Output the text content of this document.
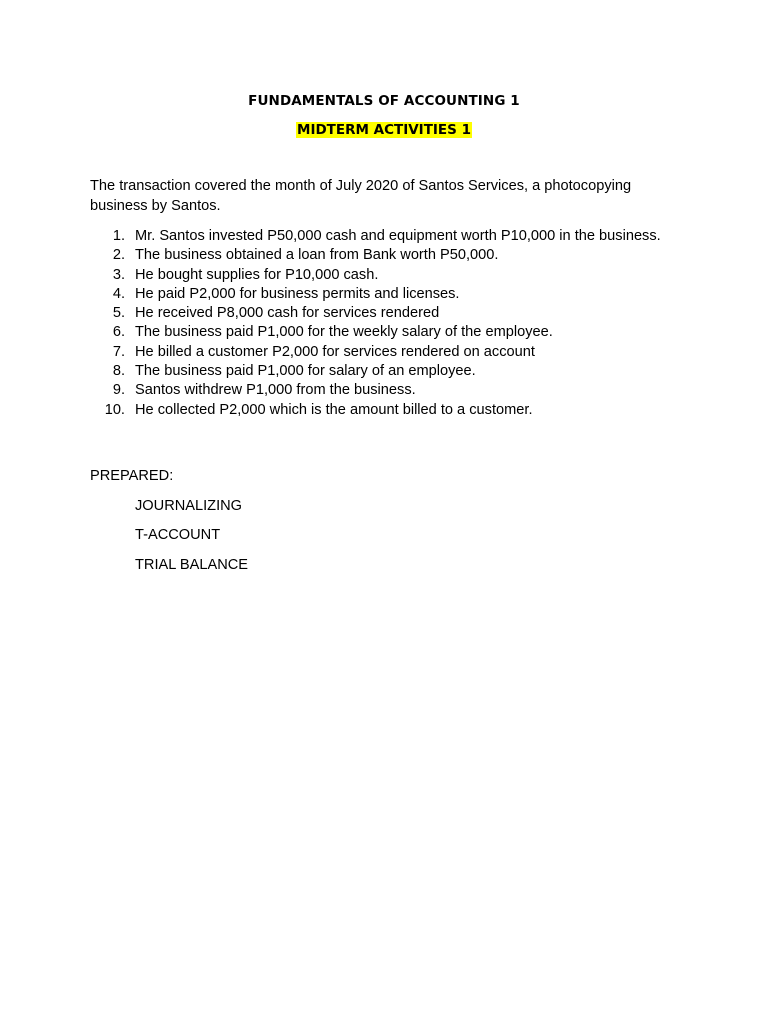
FUNDAMENTALS OF ACCOUNTING 1
MIDTERM ACTIVITIES 1
The transaction covered the month of July 2020 of Santos Services, a photocopying business by Santos.
1. Mr. Santos invested P50,000 cash and equipment worth P10,000 in the business.
2. The business obtained a loan from Bank worth P50,000.
3. He bought supplies for P10,000 cash.
4. He paid P2,000 for business permits and licenses.
5. He received P8,000 cash for services rendered
6. The business paid P1,000 for the weekly salary of the employee.
7. He billed a customer P2,000 for services rendered on account
8. The business paid P1,000 for salary of an employee.
9. Santos withdrew P1,000 from the business.
10. He collected P2,000 which is the amount billed to a customer.
PREPARED:
JOURNALIZING
T-ACCOUNT
TRIAL BALANCE
